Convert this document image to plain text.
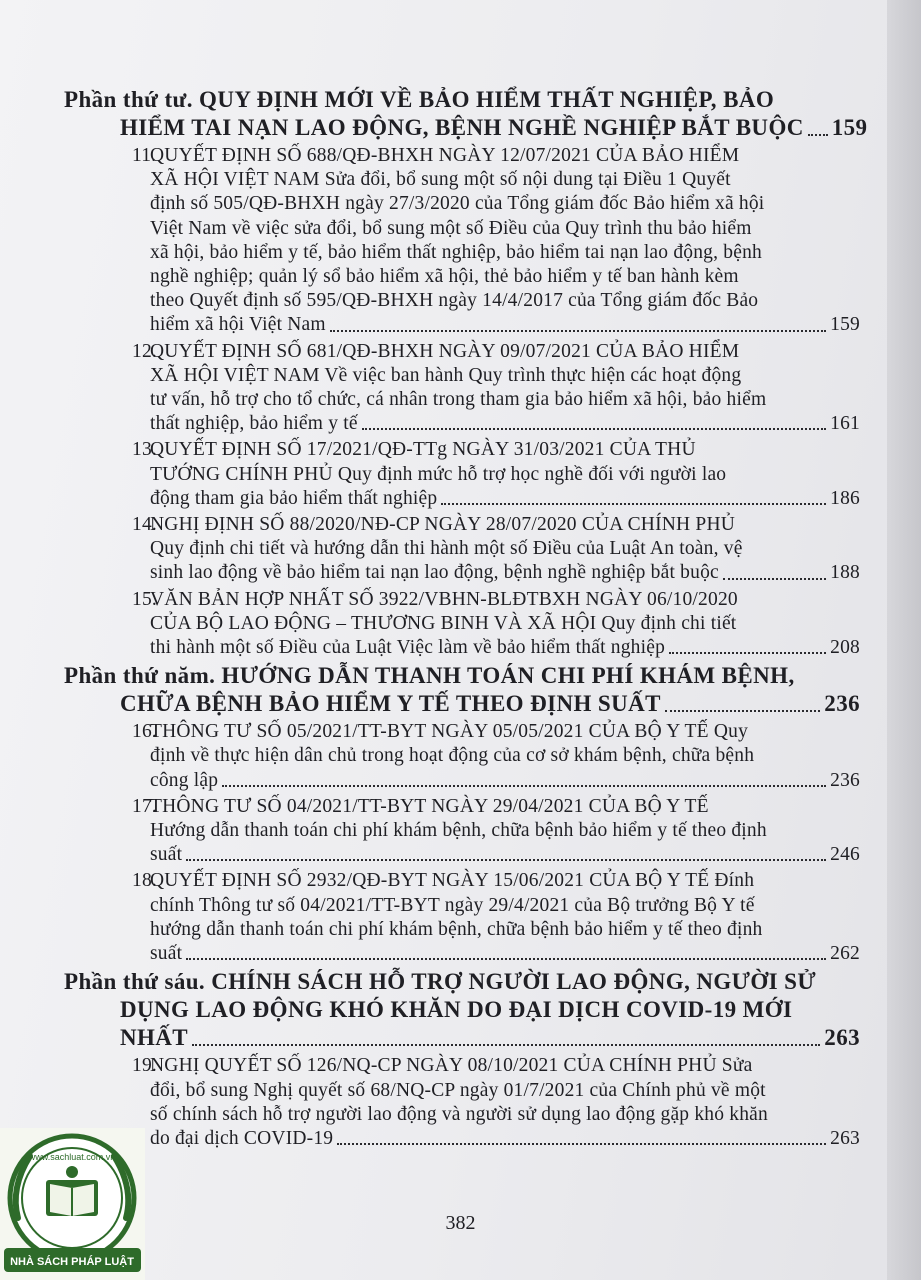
Phần thứ tư. QUY ĐỊNH MỚI VỀ BẢO HIỂM THẤT NGHIỆP, BẢO
HIỂM TAI NẠN LAO ĐỘNG, BỆNH NGHỀ NGHIỆP BẮT BUỘC 159
11.
QUYẾT ĐỊNH SỐ 688/QĐ-BHXH NGÀY 12/07/2021 CỦA BẢO HIỂM
XÃ HỘI VIỆT NAM Sửa đổi, bổ sung một số nội dung tại Điều 1 Quyết
định số 505/QĐ-BHXH ngày 27/3/2020 của Tổng giám đốc Bảo hiểm xã hội
Việt Nam về việc sửa đổi, bổ sung một số Điều của Quy trình thu bảo hiểm
xã hội, bảo hiểm y tế, bảo hiểm thất nghiệp, bảo hiểm tai nạn lao động, bệnh
nghề nghiệp; quản lý sổ bảo hiểm xã hội, thẻ bảo hiểm y tế ban hành kèm
theo Quyết định số 595/QĐ-BHXH ngày 14/4/2017 của Tổng giám đốc Bảo
hiểm xã hội Việt Nam	159
12.
QUYẾT ĐỊNH SỐ 681/QĐ-BHXH NGÀY 09/07/2021 CỦA BẢO HIỂM
XÃ HỘI VIỆT NAM Về việc ban hành Quy trình thực hiện các hoạt động
tư vấn, hỗ trợ cho tổ chức, cá nhân trong tham gia bảo hiểm xã hội, bảo hiểm
thất nghiệp, bảo hiểm y tế	161
13.
QUYẾT ĐỊNH SỐ 17/2021/QĐ-TTg NGÀY 31/03/2021 CỦA THỦ
TƯỚNG CHÍNH PHỦ Quy định mức hỗ trợ học nghề đối với người lao
động tham gia bảo hiểm thất nghiệp	186
14.
NGHỊ ĐỊNH SỐ 88/2020/NĐ-CP NGÀY 28/07/2020 CỦA CHÍNH PHỦ
Quy định chi tiết và hướng dẫn thi hành một số Điều của Luật An toàn, vệ
sinh lao động về bảo hiểm tai nạn lao động, bệnh nghề nghiệp bắt buộc	188
15.
VĂN BẢN HỢP NHẤT SỐ 3922/VBHN-BLĐTBXH NGÀY 06/10/2020
CỦA BỘ LAO ĐỘNG – THƯƠNG BINH VÀ XÃ HỘI Quy định chi tiết
thi hành một số Điều của Luật Việc làm về bảo hiểm thất nghiệp	208
Phần thứ năm. HƯỚNG DẪN THANH TOÁN CHI PHÍ KHÁM BỆNH,
CHỮA BỆNH BẢO HIỂM Y TẾ THEO ĐỊNH SUẤT	236
16.
THÔNG TƯ SỐ 05/2021/TT-BYT NGÀY 05/05/2021 CỦA BỘ Y TẾ Quy
định về thực hiện dân chủ trong hoạt động của cơ sở khám bệnh, chữa bệnh
công lập	236
17.
THÔNG TƯ SỐ 04/2021/TT-BYT NGÀY 29/04/2021 CỦA BỘ Y TẾ
Hướng dẫn thanh toán chi phí khám bệnh, chữa bệnh bảo hiểm y tế theo định
suất	246
18.
QUYẾT ĐỊNH SỐ 2932/QĐ-BYT NGÀY 15/06/2021 CỦA BỘ Y TẾ Đính
chính Thông tư số 04/2021/TT-BYT ngày 29/4/2021 của Bộ trưởng Bộ Y tế
hướng dẫn thanh toán chi phí khám bệnh, chữa bệnh bảo hiểm y tế theo định
suất	262
Phần thứ sáu. CHÍNH SÁCH HỖ TRỢ NGƯỜI LAO ĐỘNG, NGƯỜI SỬ
DỤNG LAO ĐỘNG KHÓ KHĂN DO ĐẠI DỊCH COVID-19 MỚI
NHẤT	263
19.
NGHỊ QUYẾT SỐ 126/NQ-CP NGÀY 08/10/2021 CỦA CHÍNH PHỦ Sửa
đổi, bổ sung Nghị quyết số 68/NQ-CP ngày 01/7/2021 của Chính phủ về một
số chính sách hỗ trợ người lao động và người sử dụng lao động gặp khó khăn
do đại dịch COVID-19	263
382
www.sachluat.com.vn
NHÀ SÁCH PHÁP LUẬT
